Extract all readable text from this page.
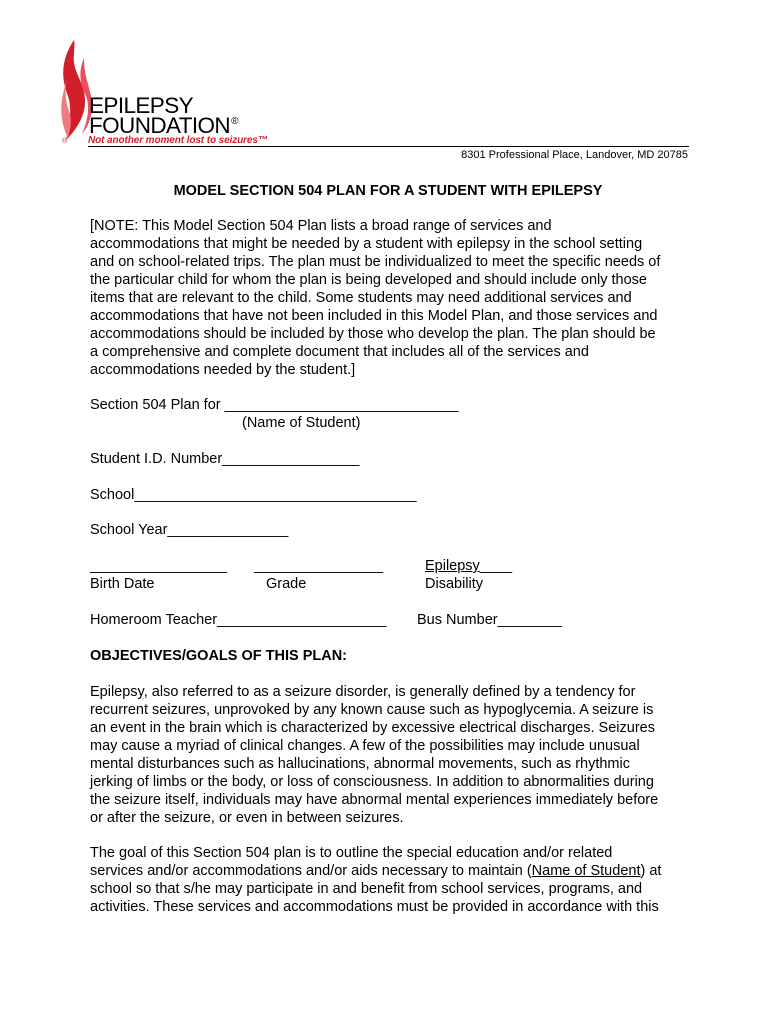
EPILEPSY
FOUNDATION®
® Not another moment lost to seizures™
8301 Professional Place, Landover, MD 20785
MODEL SECTION 504 PLAN FOR A STUDENT WITH EPILEPSY
[NOTE: This Model Section 504 Plan lists a broad range of services and
accommodations that might be needed by a student with epilepsy in the school setting
and on school-related trips. The plan must be individualized to meet the specific needs of
the particular child for whom the plan is being developed and should include only those
items that are relevant to the child. Some students may need additional services and
accommodations that have not been included in this Model Plan, and those services and
accommodations should be included by those who develop the plan. The plan should be
a comprehensive and complete document that includes all of the services and
accommodations needed by the student.]
Section 504 Plan for _____________________________
(Name of Student)
Student I.D. Number_________________
School___________________________________
School Year_______________
_________________ ________________	Epilepsy____
Birth Date	Grade	Disability
Homeroom Teacher_____________________ Bus Number________
OBJECTIVES/GOALS OF THIS PLAN:
Epilepsy, also referred to as a seizure disorder, is generally defined by a tendency for
recurrent seizures, unprovoked by any known cause such as hypoglycemia. A seizure is
an event in the brain which is characterized by excessive electrical discharges. Seizures
may cause a myriad of clinical changes. A few of the possibilities may include unusual
mental disturbances such as hallucinations, abnormal movements, such as rhythmic
jerking of limbs or the body, or loss of consciousness. In addition to abnormalities during
the seizure itself, individuals may have abnormal mental experiences immediately before
or after the seizure, or even in between seizures.
The goal of this Section 504 plan is to outline the special education and/or related
services and/or accommodations and/or aids necessary to maintain (Name of Student) at
school so that s/he may participate in and benefit from school services, programs, and
activities. These services and accommodations must be provided in accordance with this
